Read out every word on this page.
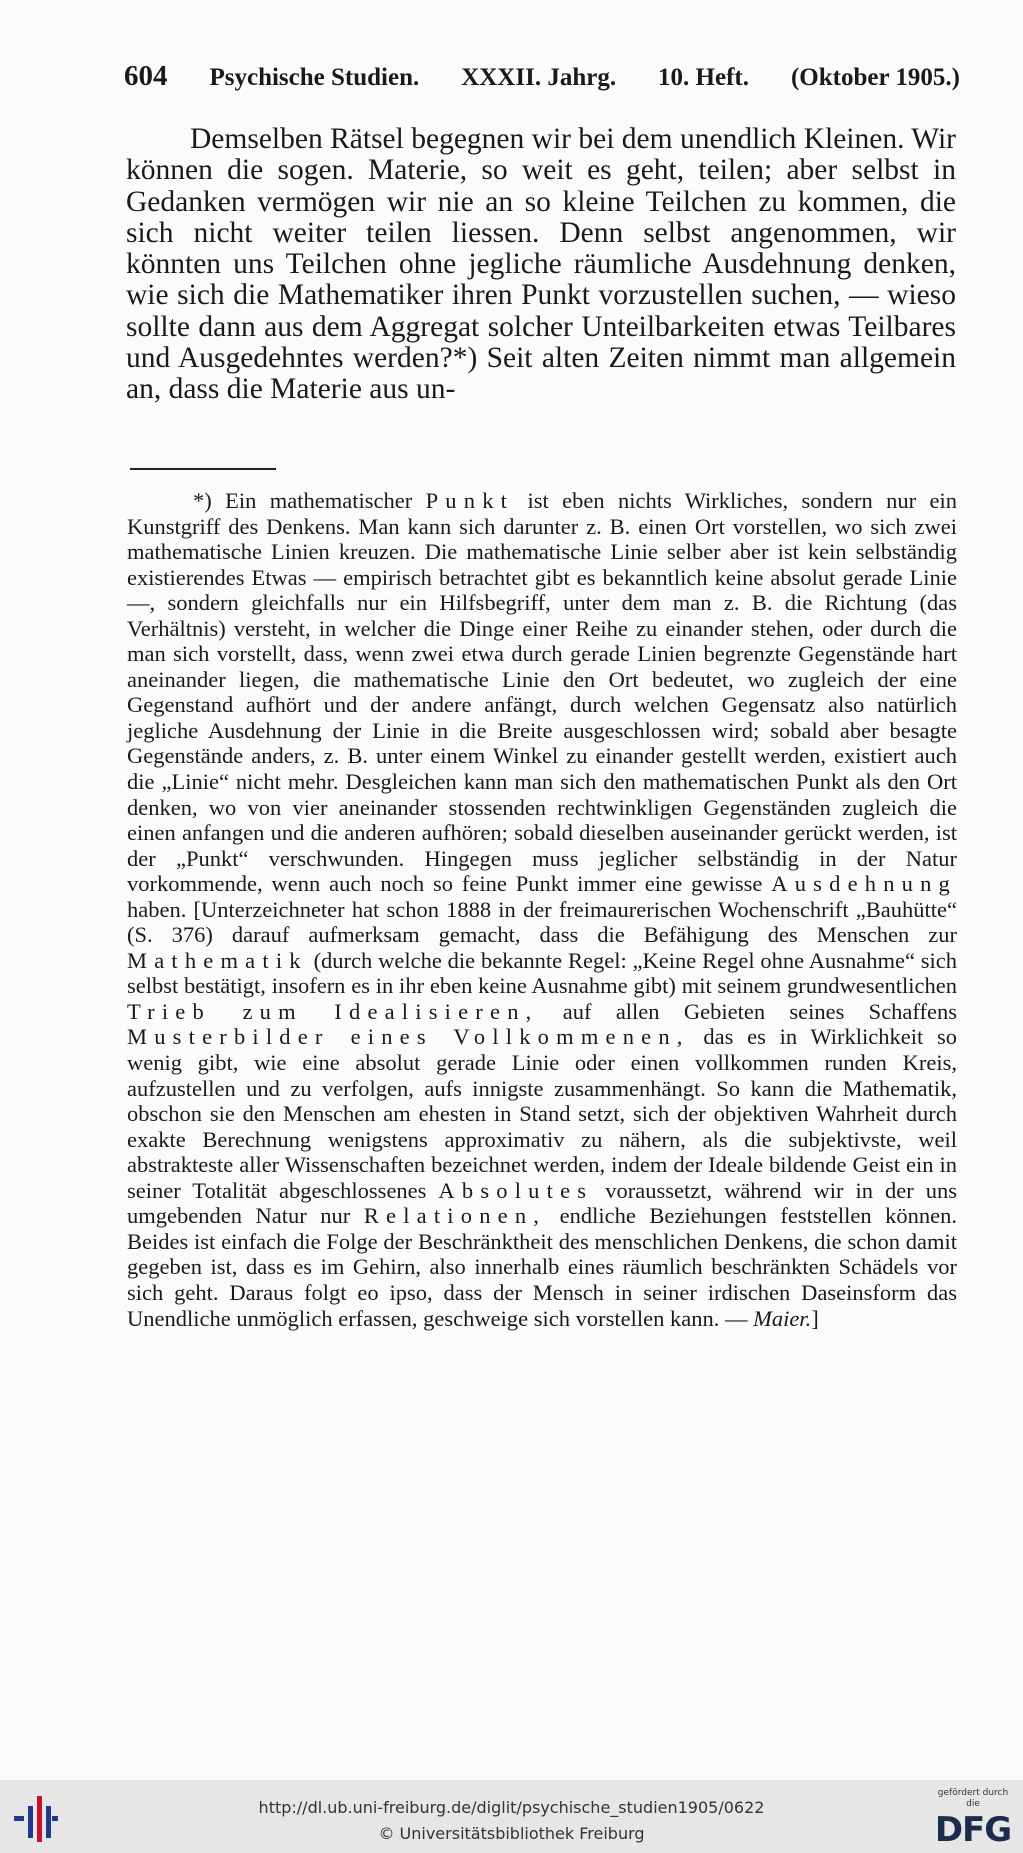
604 Psychische Studien. XXXII. Jahrg. 10. Heft. (Oktober 1905.)

Demselben Rätsel begegnen wir bei dem unendlich Kleinen. Wir können die sogen. Materie, so weit es geht, teilen; aber selbst in Gedanken vermögen wir nie an so kleine Teilchen zu kommen, die sich nicht weiter teilen liessen. Denn selbst angenommen, wir könnten uns Teilchen ohne jegliche räumliche Ausdehnung denken, wie sich die Mathematiker ihren Punkt vorzustellen suchen, — wieso sollte dann aus dem Aggregat solcher Unteilbarkeiten etwas Teilbares und Ausgedehntes werden?*) Seit alten Zeiten nimmt man allgemein an, dass die Materie aus un-

*) Ein mathematischer Punkt ist eben nichts Wirkliches, sondern nur ein Kunstgriff des Denkens. Man kann sich darunter z. B. einen Ort vorstellen, wo sich zwei mathematische Linien kreuzen. Die mathematische Linie selber aber ist kein selbständig existierendes Etwas — empirisch betrachtet gibt es bekanntlich keine absolut gerade Linie —, sondern gleichfalls nur ein Hilfsbegriff, unter dem man z. B. die Richtung (das Verhältnis) versteht, in welcher die Dinge einer Reihe zu einander stehen, oder durch die man sich vorstellt, dass, wenn zwei etwa durch gerade Linien begrenzte Gegenstände hart aneinander liegen, die mathematische Linie den Ort bedeutet, wo zugleich der eine Gegenstand aufhört und der andere anfängt, durch welchen Gegensatz also natürlich jegliche Ausdehnung der Linie in die Breite ausgeschlossen wird; sobald aber besagte Gegenstände anders, z. B. unter einem Winkel zu einander gestellt werden, existiert auch die „Linie“ nicht mehr. Desgleichen kann man sich den mathematischen Punkt als den Ort denken, wo von vier aneinander stossenden rechtwinkligen Gegenständen zugleich die einen anfangen und die anderen aufhören; sobald dieselben auseinander gerückt werden, ist der „Punkt“ verschwunden. Hingegen muss jeglicher selbständig in der Natur vorkommende, wenn auch noch so feine Punkt immer eine gewisse Ausdehnung haben. [Unterzeichneter hat schon 1888 in der freimaurerischen Wochenschrift „Bauhütte“ (S. 376) darauf aufmerksam gemacht, dass die Befähigung des Menschen zur Mathematik (durch welche die bekannte Regel: „Keine Regel ohne Ausnahme“ sich selbst bestätigt, insofern es in ihr eben keine Ausnahme gibt) mit seinem grundwesentlichen Trieb zum Idealisieren, auf allen Gebieten seines Schaffens Musterbilder eines Vollkommenen, das es in Wirklichkeit so wenig gibt, wie eine absolut gerade Linie oder einen vollkommen runden Kreis, aufzustellen und zu verfolgen, aufs innigste zusammenhängt. So kann die Mathematik, obschon sie den Menschen am ehesten in Stand setzt, sich der objektiven Wahrheit durch exakte Berechnung wenigstens approximativ zu nähern, als die subjektivste, weil abstrakteste aller Wissenschaften bezeichnet werden, indem der Ideale bildende Geist ein in seiner Totalität abgeschlossenes Absolutes voraussetzt, während wir in der uns umgebenden Natur nur Relationen, endliche Beziehungen feststellen können. Beides ist einfach die Folge der Beschränktheit des menschlichen Denkens, die schon damit gegeben ist, dass es im Gehirn, also innerhalb eines räumlich beschränkten Schädels vor sich geht. Daraus folgt eo ipso, dass der Mensch in seiner irdischen Daseinsform das Unendliche unmöglich erfassen, geschweige sich vorstellen kann. — Maier.]

http://dl.ub.uni-freiburg.de/diglit/psychische_studien1905/0622
© Universitätsbibliothek Freiburg
gefördert durch die
DFG
